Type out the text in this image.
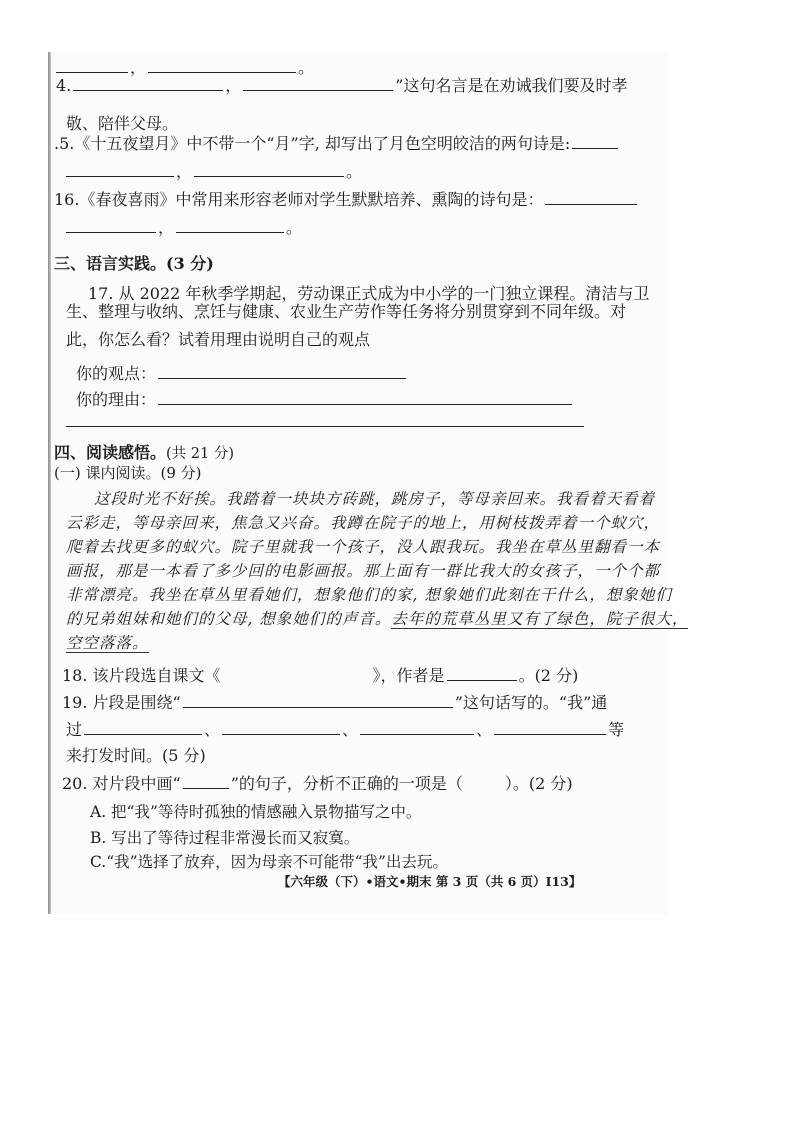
，	。
4.	，	”这句名言是在劝诫我们要及时孝
敬、陪伴父母。
.5.《十五夜望月》中不带一个“月”字, 却写出了月色空明皎洁的两句诗是:
，	。
16.《春夜喜雨》中常用来形容老师对学生默默培养、熏陶的诗句是：
，	。
三、语言实践。(3 分)
17. 从 2022 年秋季学期起，劳动课正式成为中小学的一门独立课程。清洁与卫
生、整理与收纳、烹饪与健康、农业生产劳作等任务将分别贯穿到不同年级。对
此，你怎么看？试着用理由说明自己的观点
你的观点：
你的理由：
四、阅读感悟。(共 21 分)
(一) 课内阅读。(9 分)
这段时光不好挨。我踏着一块块方砖跳，跳房子，等母亲回来。我看着天看着
云彩走，等母亲回来，焦急又兴奋。我蹲在院子的地上，用树枝拨弄着一个蚁穴，
爬着去找更多的蚁穴。院子里就我一个孩子，没人跟我玩。我坐在草丛里翻看一本
画报，那是一本看了多少回的电影画报。那上面有一群比我大的女孩子，一个个都
非常漂亮。我坐在草丛里看她们，想象他们的家, 想象她们此刻在干什么，想象她们
的兄弟姐妹和她们的父母, 想象她们的声音。去年的荒草丛里又有了绿色，院子很大，
空空落落。
18. 该片段选自课文《	》，作者是	。(2 分)
19. 片段是围绕“	”这句话写的。“我”通
过	、	、	、	等
来打发时间。(5 分)
20. 对片段中画“	”的句子，分析不正确的一项是（	）。(2 分)
A. 把“我”等待时孤独的情感融入景物描写之中。
B. 写出了等待过程非常漫长而又寂寞。
C.“我”选择了放弃，因为母亲不可能带“我”出去玩。
【六年级（下）•语文•期末 第 3 页（共 6 页）I13】
